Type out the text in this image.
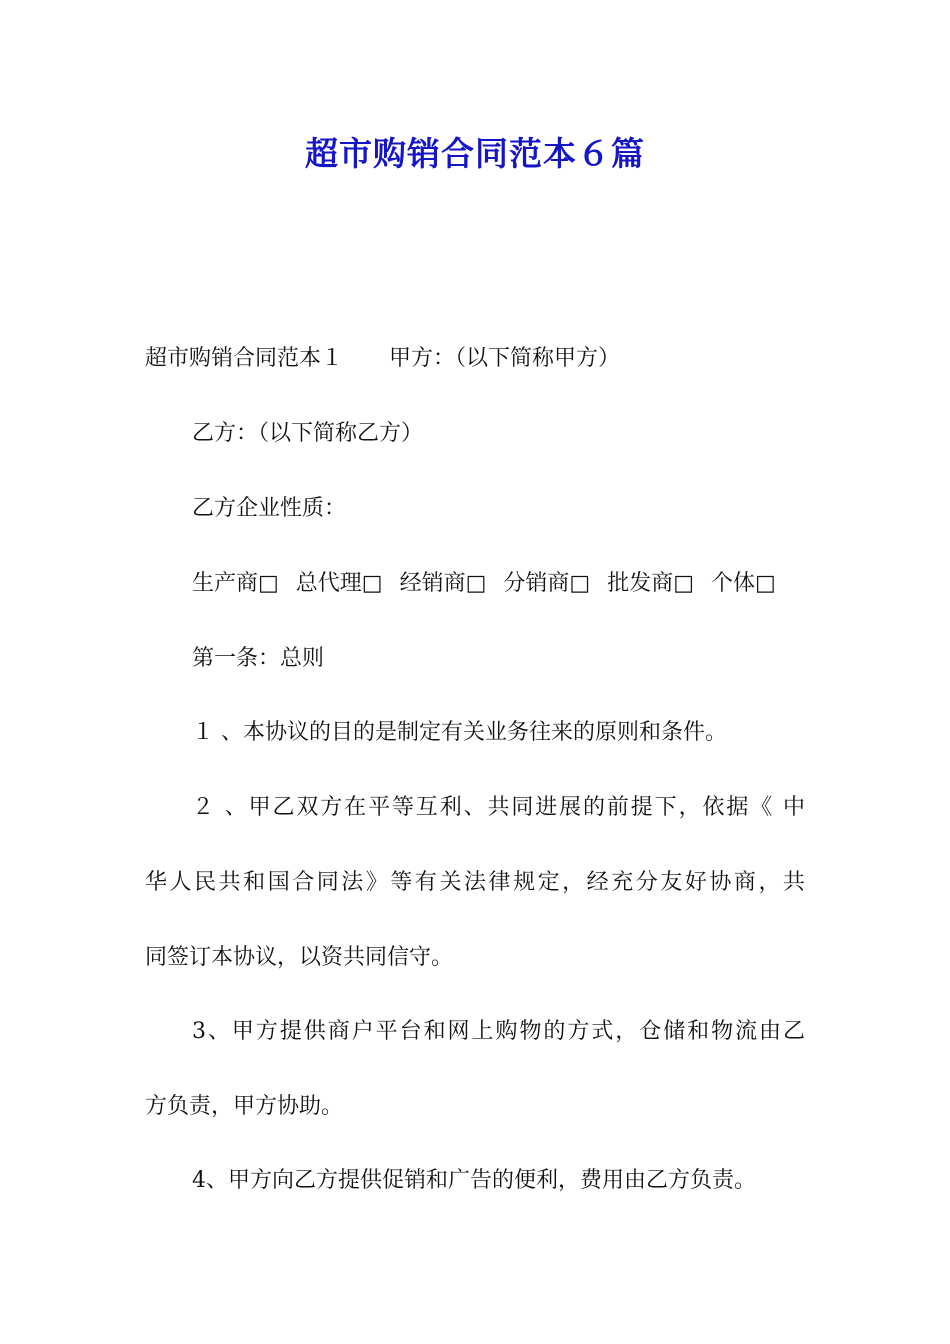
超市购销合同范本６篇
超市购销合同范本１ 甲方：（以下简称甲方）
乙方：（以下简称乙方）
乙方企业性质：
生产商□ 总代理□ 经销商□ 分销商□ 批发商□ 个体□
第一条：总则
１ 、本协议的目的是制定有关业务往来的原则和条件。
２ 、甲乙双方在平等互利、共同进展的前提下，依据《 中
华人民共和国合同法》等有关法律规定，经充分友好协商，共
同签订本协议，以资共同信守。
3、甲方提供商户平台和网上购物的方式，仓储和物流由乙
方负责，甲方协助。
4、甲方向乙方提供促销和广告的便利，费用由乙方负责。
